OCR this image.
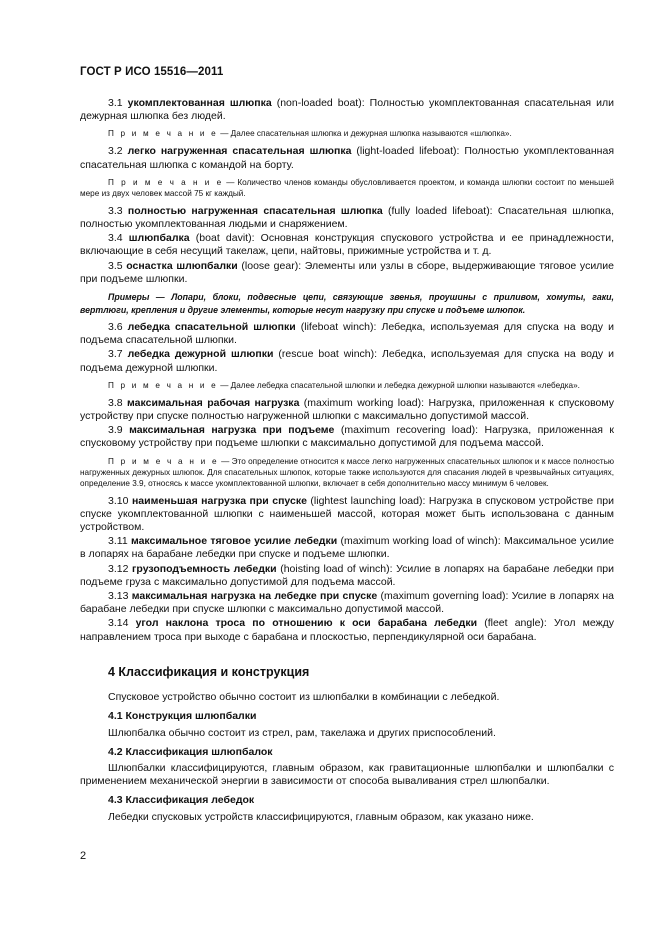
ГОСТ Р ИСО 15516—2011

3.1 укомплектованная шлюпка (non-loaded boat): Полностью укомплектованная спасательная или дежурная шлюпка без людей.

П р и м е ч а н и е — Далее спасательная шлюпка и дежурная шлюпка называются «шлюпка».

3.2 легко нагруженная спасательная шлюпка (light-loaded lifeboat): Полностью укомплектованная спасательная шлюпка с командой на борту.

П р и м е ч а н и е — Количество членов команды обусловливается проектом, и команда шлюпки состоит по меньшей мере из двух человек массой 75 кг каждый.

3.3 полностью нагруженная спасательная шлюпка (fully loaded lifeboat): Спасательная шлюпка, полностью укомплектованная людьми и снаряжением.

3.4 шлюпбалка (boat davit): Основная конструкция спускового устройства и ее принадлежности, включающие в себя несущий такелаж, цепи, найтовы, прижимные устройства и т. д.

3.5 оснастка шлюпбалки (loose gear): Элементы или узлы в сборе, выдерживающие тяговое усилие при подъеме шлюпки.

Примеры — Лопари, блоки, подвесные цепи, связующие звенья, проушины с приливом, хомуты, гаки, вертлюги, крепления и другие элементы, которые несут нагрузку при спуске и подъеме шлюпок.

3.6 лебедка спасательной шлюпки (lifeboat winch): Лебедка, используемая для спуска на воду и подъема спасательной шлюпки.

3.7 лебедка дежурной шлюпки (rescue boat winch): Лебедка, используемая для спуска на воду и подъема дежурной шлюпки.

П р и м е ч а н и е — Далее лебедка спасательной шлюпки и лебедка дежурной шлюпки называются «лебедка».

3.8 максимальная рабочая нагрузка (maximum working load): Нагрузка, приложенная к спусковому устройству при спуске полностью нагруженной шлюпки с максимально допустимой массой.

3.9 максимальная нагрузка при подъеме (maximum recovering load): Нагрузка, приложенная к спусковому устройству при подъеме шлюпки с максимально допустимой для подъема массой.

П р и м е ч а н и е — Это определение относится к массе легко нагруженных спасательных шлюпок и к массе полностью нагруженных дежурных шлюпок. Для спасательных шлюпок, которые также используются для спасания людей в чрезвычайных ситуациях, определение 3.9, относясь к массе укомплектованной шлюпки, включает в себя дополнительно массу минимум 6 человек.

3.10 наименьшая нагрузка при спуске (lightest launching load): Нагрузка в спусковом устройстве при спуске укомплектованной шлюпки с наименьшей массой, которая может быть использована с данным устройством.

3.11 максимальное тяговое усилие лебедки (maximum working load of winch): Максимальное усилие в лопарях на барабане лебедки при спуске и подъеме шлюпки.

3.12 грузоподъемность лебедки (hoisting load of winch): Усилие в лопарях на барабане лебедки при подъеме груза с максимально допустимой для подъема массой.

3.13 максимальная нагрузка на лебедке при спуске (maximum governing load): Усилие в лопарях на барабане лебедки при спуске шлюпки с максимально допустимой массой.

3.14 угол наклона троса по отношению к оси барабана лебедки (fleet angle): Угол между направлением троса при выходе с барабана и плоскостью, перпендикулярной оси барабана.

4 Классификация и конструкция

Спусковое устройство обычно состоит из шлюпбалки в комбинации с лебедкой.

4.1 Конструкция шлюпбалки

Шлюпбалка обычно состоит из стрел, рам, такелажа и других приспособлений.

4.2 Классификация шлюпбалок

Шлюпбалки классифицируются, главным образом, как гравитационные шлюпбалки и шлюпбалки с применением механической энергии в зависимости от способа вываливания стрел шлюпбалки.

4.3 Классификация лебедок

Лебедки спусковых устройств классифицируются, главным образом, как указано ниже.

2
